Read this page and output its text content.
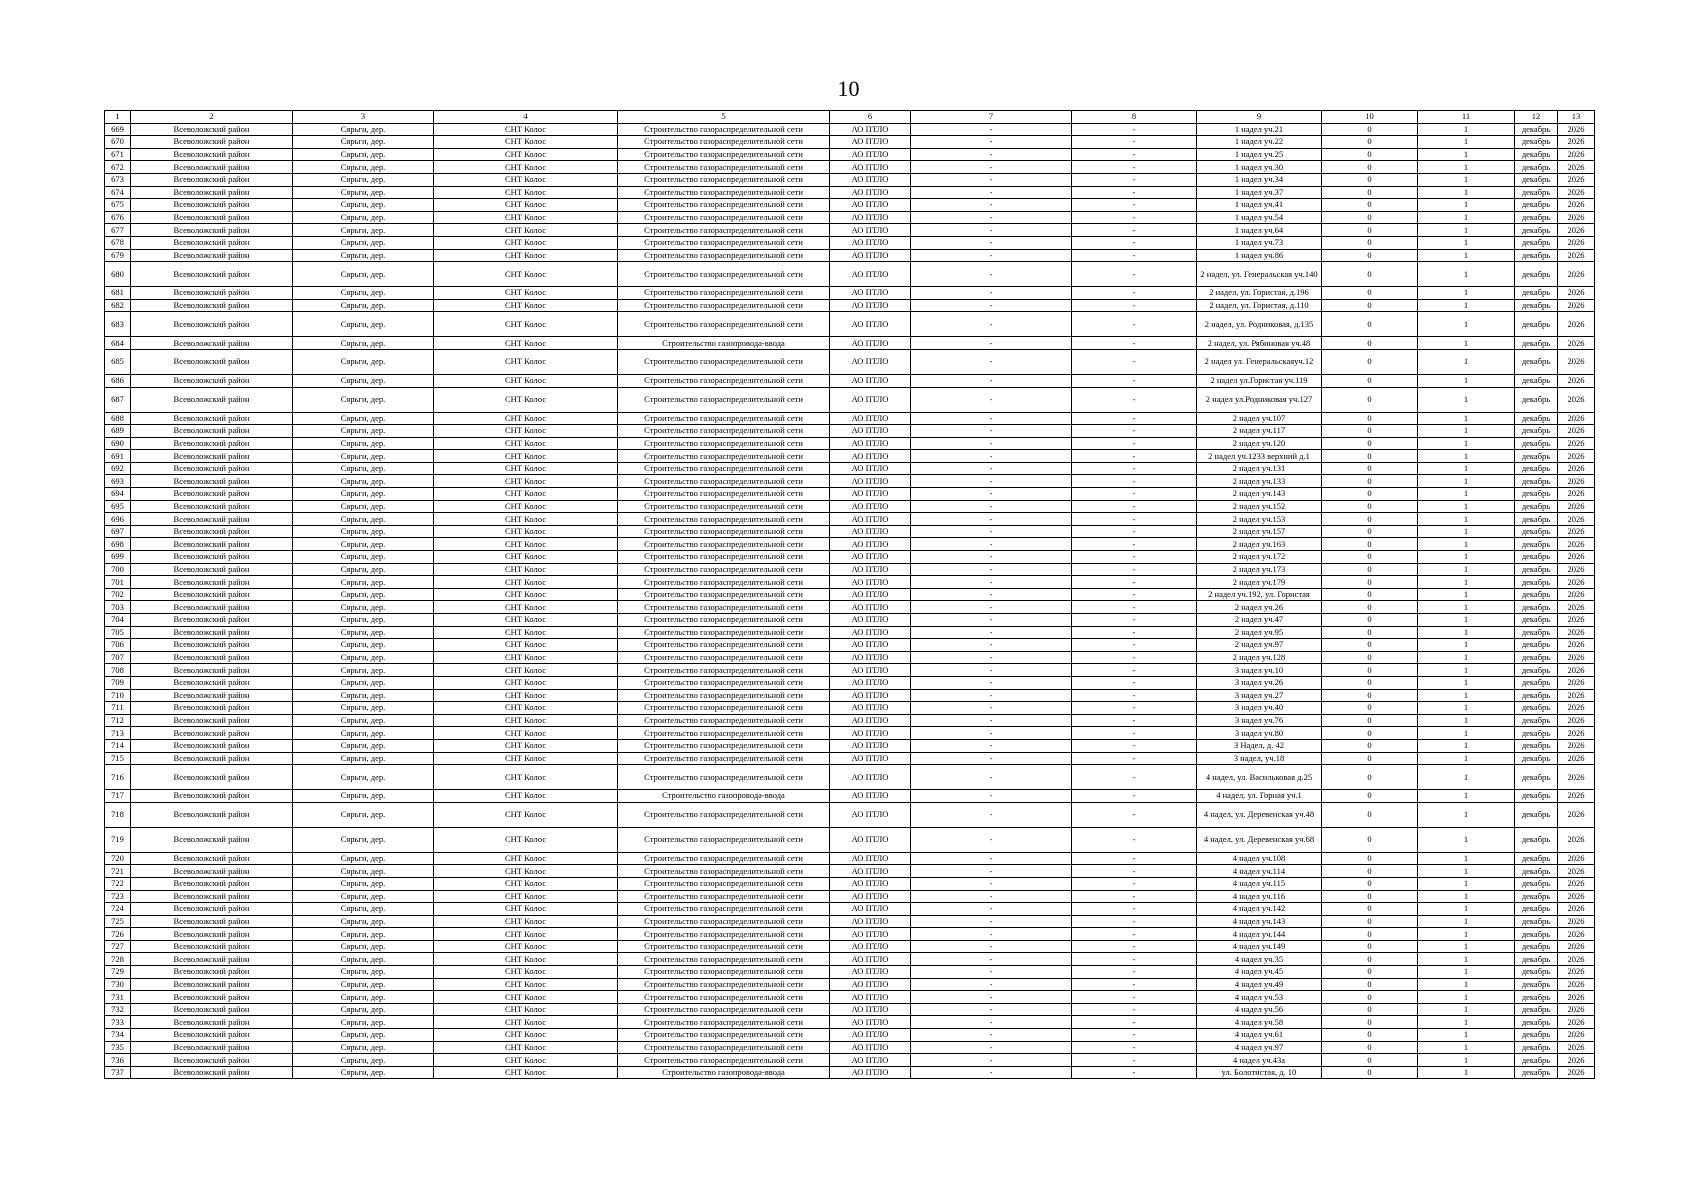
10
1	2	3	4	5	6	7	8	9	10	11	12	13
669	Всеволожский район	Сярьги, дер.	СНТ Колос	Строительство газораспределительной сети	АО ПТЛО	-	-	1 надел уч.21	0	1	декабрь	2026
670	Всеволожский район	Сярьги, дер.	СНТ Колос	Строительство газораспределительной сети	АО ПТЛО	-	-	1 надел уч.22	0	1	декабрь	2026
671	Всеволожский район	Сярьги, дер.	СНТ Колос	Строительство газораспределительной сети	АО ПТЛО	-	-	1 надел уч.25	0	1	декабрь	2026
672	Всеволожский район	Сярьги, дер.	СНТ Колос	Строительство газораспределительной сети	АО ПТЛО	-	-	1 надел уч.30	0	1	декабрь	2026
673	Всеволожский район	Сярьги, дер.	СНТ Колос	Строительство газораспределительной сети	АО ПТЛО	-	-	1 надел уч.34	0	1	декабрь	2026
674	Всеволожский район	Сярьги, дер.	СНТ Колос	Строительство газораспределительной сети	АО ПТЛО	-	-	1 надел уч.37	0	1	декабрь	2026
675	Всеволожский район	Сярьги, дер.	СНТ Колос	Строительство газораспределительной сети	АО ПТЛО	-	-	1 надел уч.41	0	1	декабрь	2026
676	Всеволожский район	Сярьги, дер.	СНТ Колос	Строительство газораспределительной сети	АО ПТЛО	-	-	1 надел уч.54	0	1	декабрь	2026
677	Всеволожский район	Сярьги, дер.	СНТ Колос	Строительство газораспределительной сети	АО ПТЛО	-	-	1 надел уч.64	0	1	декабрь	2026
678	Всеволожский район	Сярьги, дер.	СНТ Колос	Строительство газораспределительной сети	АО ПТЛО	-	-	1 надел уч.73	0	1	декабрь	2026
679	Всеволожский район	Сярьги, дер.	СНТ Колос	Строительство газораспределительной сети	АО ПТЛО	-	-	1 надел уч.86	0	1	декабрь	2026
680	Всеволожский район	Сярьги, дер.	СНТ Колос	Строительство газораспределительной сети	АО ПТЛО	-	-	2 надел, ул. Генеральская уч.140	0	1	декабрь	2026
681	Всеволожский район	Сярьги, дер.	СНТ Колос	Строительство газораспределительной сети	АО ПТЛО	-	-	2 надел, ул. Гористая, д.196	0	1	декабрь	2026
682	Всеволожский район	Сярьги, дер.	СНТ Колос	Строительство газораспределительной сети	АО ПТЛО	-	-	2 надел, ул. Гористая, д.110	0	1	декабрь	2026
683	Всеволожский район	Сярьги, дер.	СНТ Колос	Строительство газораспределительной сети	АО ПТЛО	-	-	2 надел, ул. Родниковая, д.135	0	1	декабрь	2026
684	Всеволожский район	Сярьги, дер.	СНТ Колос	Строительство газопровода-ввода	АО ПТЛО	-	-	2 надел, ул. Рябиновая уч.48	0	1	декабрь	2026
685	Всеволожский район	Сярьги, дер.	СНТ Колос	Строительство газораспределительной сети	АО ПТЛО	-	-	2 надел ул. Генеральскаяуч.12	0	1	декабрь	2026
686	Всеволожский район	Сярьги, дер.	СНТ Колос	Строительство газораспределительной сети	АО ПТЛО	-	-	2 надел ул.Гористая уч.119	0	1	декабрь	2026
687	Всеволожский район	Сярьги, дер.	СНТ Колос	Строительство газораспределительной сети	АО ПТЛО	-	-	2 надел ул.Родниковая уч.127	0	1	декабрь	2026
688	Всеволожский район	Сярьги, дер.	СНТ Колос	Строительство газораспределительной сети	АО ПТЛО	-	-	2 надел уч.107	0	1	декабрь	2026
689	Всеволожский район	Сярьги, дер.	СНТ Колос	Строительство газораспределительной сети	АО ПТЛО	-	-	2 надел уч.117	0	1	декабрь	2026
690	Всеволожский район	Сярьги, дер.	СНТ Колос	Строительство газораспределительной сети	АО ПТЛО	-	-	2 надел уч.120	0	1	декабрь	2026
691	Всеволожский район	Сярьги, дер.	СНТ Колос	Строительство газораспределительной сети	АО ПТЛО	-	-	2 надел уч.1233 верхний д.1	0	1	декабрь	2026
692	Всеволожский район	Сярьги, дер.	СНТ Колос	Строительство газораспределительной сети	АО ПТЛО	-	-	2 надел уч.131	0	1	декабрь	2026
693	Всеволожский район	Сярьги, дер.	СНТ Колос	Строительство газораспределительной сети	АО ПТЛО	-	-	2 надел уч.133	0	1	декабрь	2026
694	Всеволожский район	Сярьги, дер.	СНТ Колос	Строительство газораспределительной сети	АО ПТЛО	-	-	2 надел уч.143	0	1	декабрь	2026
695	Всеволожский район	Сярьги, дер.	СНТ Колос	Строительство газораспределительной сети	АО ПТЛО	-	-	2 надел уч.152	0	1	декабрь	2026
696	Всеволожский район	Сярьги, дер.	СНТ Колос	Строительство газораспределительной сети	АО ПТЛО	-	-	2 надел уч.153	0	1	декабрь	2026
697	Всеволожский район	Сярьги, дер.	СНТ Колос	Строительство газораспределительной сети	АО ПТЛО	-	-	2 надел уч.157	0	1	декабрь	2026
698	Всеволожский район	Сярьги, дер.	СНТ Колос	Строительство газораспределительной сети	АО ПТЛО	-	-	2 надел уч.163	0	1	декабрь	2026
699	Всеволожский район	Сярьги, дер.	СНТ Колос	Строительство газораспределительной сети	АО ПТЛО	-	-	2 надел уч.172	0	1	декабрь	2026
700	Всеволожский район	Сярьги, дер.	СНТ Колос	Строительство газораспределительной сети	АО ПТЛО	-	-	2 надел уч.173	0	1	декабрь	2026
701	Всеволожский район	Сярьги, дер.	СНТ Колос	Строительство газораспределительной сети	АО ПТЛО	-	-	2 надел уч.179	0	1	декабрь	2026
702	Всеволожский район	Сярьги, дер.	СНТ Колос	Строительство газораспределительной сети	АО ПТЛО	-	-	2 надел уч.192, ул. Гористая	0	1	декабрь	2026
703	Всеволожский район	Сярьги, дер.	СНТ Колос	Строительство газораспределительной сети	АО ПТЛО	-	-	2 надел уч.26	0	1	декабрь	2026
704	Всеволожский район	Сярьги, дер.	СНТ Колос	Строительство газораспределительной сети	АО ПТЛО	-	-	2 надел уч.47	0	1	декабрь	2026
705	Всеволожский район	Сярьги, дер.	СНТ Колос	Строительство газораспределительной сети	АО ПТЛО	-	-	2 надел уч.95	0	1	декабрь	2026
706	Всеволожский район	Сярьги, дер.	СНТ Колос	Строительство газораспределительной сети	АО ПТЛО	-	-	2 надел уч.97	0	1	декабрь	2026
707	Всеволожский район	Сярьги, дер.	СНТ Колос	Строительство газораспределительной сети	АО ПТЛО	-	-	2 надел уч.128	0	1	декабрь	2026
708	Всеволожский район	Сярьги, дер.	СНТ Колос	Строительство газораспределительной сети	АО ПТЛО	-	-	3 надел уч.10	0	1	декабрь	2026
709	Всеволожский район	Сярьги, дер.	СНТ Колос	Строительство газораспределительной сети	АО ПТЛО	-	-	3 надел уч.26	0	1	декабрь	2026
710	Всеволожский район	Сярьги, дер.	СНТ Колос	Строительство газораспределительной сети	АО ПТЛО	-	-	3 надел уч.27	0	1	декабрь	2026
711	Всеволожский район	Сярьги, дер.	СНТ Колос	Строительство газораспределительной сети	АО ПТЛО	-	-	3 надел уч.40	0	1	декабрь	2026
712	Всеволожский район	Сярьги, дер.	СНТ Колос	Строительство газораспределительной сети	АО ПТЛО	-	-	3 надел уч.76	0	1	декабрь	2026
713	Всеволожский район	Сярьги, дер.	СНТ Колос	Строительство газораспределительной сети	АО ПТЛО	-	-	3 надел уч.80	0	1	декабрь	2026
714	Всеволожский район	Сярьги, дер.	СНТ Колос	Строительство газораспределительной сети	АО ПТЛО	-	-	3 Надел, д. 42	0	1	декабрь	2026
715	Всеволожский район	Сярьги, дер.	СНТ Колос	Строительство газораспределительной сети	АО ПТЛО	-	-	3 надел, уч.18	0	1	декабрь	2026
716	Всеволожский район	Сярьги, дер.	СНТ Колос	Строительство газораспределительной сети	АО ПТЛО	-	-	4 надел, ул. Васильковая д.25	0	1	декабрь	2026
717	Всеволожский район	Сярьги, дер.	СНТ Колос	Строительство газопровода-ввода	АО ПТЛО	-	-	4 надел, ул. Горная уч.1	0	1	декабрь	2026
718	Всеволожский район	Сярьги, дер.	СНТ Колос	Строительство газораспределительной сети	АО ПТЛО	-	-	4 надел, ул. Деревенская уч.48	0	1	декабрь	2026
719	Всеволожский район	Сярьги, дер.	СНТ Колос	Строительство газораспределительной сети	АО ПТЛО	-	-	4 надел, ул. Деревенская уч.68	0	1	декабрь	2026
720	Всеволожский район	Сярьги, дер.	СНТ Колос	Строительство газораспределительной сети	АО ПТЛО	-	-	4 надел уч.108	0	1	декабрь	2026
721	Всеволожский район	Сярьги, дер.	СНТ Колос	Строительство газораспределительной сети	АО ПТЛО	-	-	4 надел уч.114	0	1	декабрь	2026
722	Всеволожский район	Сярьги, дер.	СНТ Колос	Строительство газораспределительной сети	АО ПТЛО	-	-	4 надел уч.115	0	1	декабрь	2026
723	Всеволожский район	Сярьги, дер.	СНТ Колос	Строительство газораспределительной сети	АО ПТЛО	-	-	4 надел уч.116	0	1	декабрь	2026
724	Всеволожский район	Сярьги, дер.	СНТ Колос	Строительство газораспределительной сети	АО ПТЛО	-	-	4 надел уч.142	0	1	декабрь	2026
725	Всеволожский район	Сярьги, дер.	СНТ Колос	Строительство газораспределительной сети	АО ПТЛО	-	-	4 надел уч.143	0	1	декабрь	2026
726	Всеволожский район	Сярьги, дер.	СНТ Колос	Строительство газораспределительной сети	АО ПТЛО	-	-	4 надел уч.144	0	1	декабрь	2026
727	Всеволожский район	Сярьги, дер.	СНТ Колос	Строительство газораспределительной сети	АО ПТЛО	-	-	4 надел уч.149	0	1	декабрь	2026
728	Всеволожский район	Сярьги, дер.	СНТ Колос	Строительство газораспределительной сети	АО ПТЛО	-	-	4 надел уч.35	0	1	декабрь	2026
729	Всеволожский район	Сярьги, дер.	СНТ Колос	Строительство газораспределительной сети	АО ПТЛО	-	-	4 надел уч.45	0	1	декабрь	2026
730	Всеволожский район	Сярьги, дер.	СНТ Колос	Строительство газораспределительной сети	АО ПТЛО	-	-	4 надел уч.49	0	1	декабрь	2026
731	Всеволожский район	Сярьги, дер.	СНТ Колос	Строительство газораспределительной сети	АО ПТЛО	-	-	4 надел уч.53	0	1	декабрь	2026
732	Всеволожский район	Сярьги, дер.	СНТ Колос	Строительство газораспределительной сети	АО ПТЛО	-	-	4 надел уч.56	0	1	декабрь	2026
733	Всеволожский район	Сярьги, дер.	СНТ Колос	Строительство газораспределительной сети	АО ПТЛО	-	-	4 надел уч.58	0	1	декабрь	2026
734	Всеволожский район	Сярьги, дер.	СНТ Колос	Строительство газораспределительной сети	АО ПТЛО	-	-	4 надел уч.61	0	1	декабрь	2026
735	Всеволожский район	Сярьги, дер.	СНТ Колос	Строительство газораспределительной сети	АО ПТЛО	-	-	4 надел уч.97	0	1	декабрь	2026
736	Всеволожский район	Сярьги, дер.	СНТ Колос	Строительство газораспределительной сети	АО ПТЛО	-	-	4 надел уч.43а	0	1	декабрь	2026
737	Всеволожский район	Сярьги, дер.	СНТ Колос	Строительство газопровода-ввода	АО ПТЛО	-	-	ул. Болотистая, д. 10	0	1	декабрь	2026
